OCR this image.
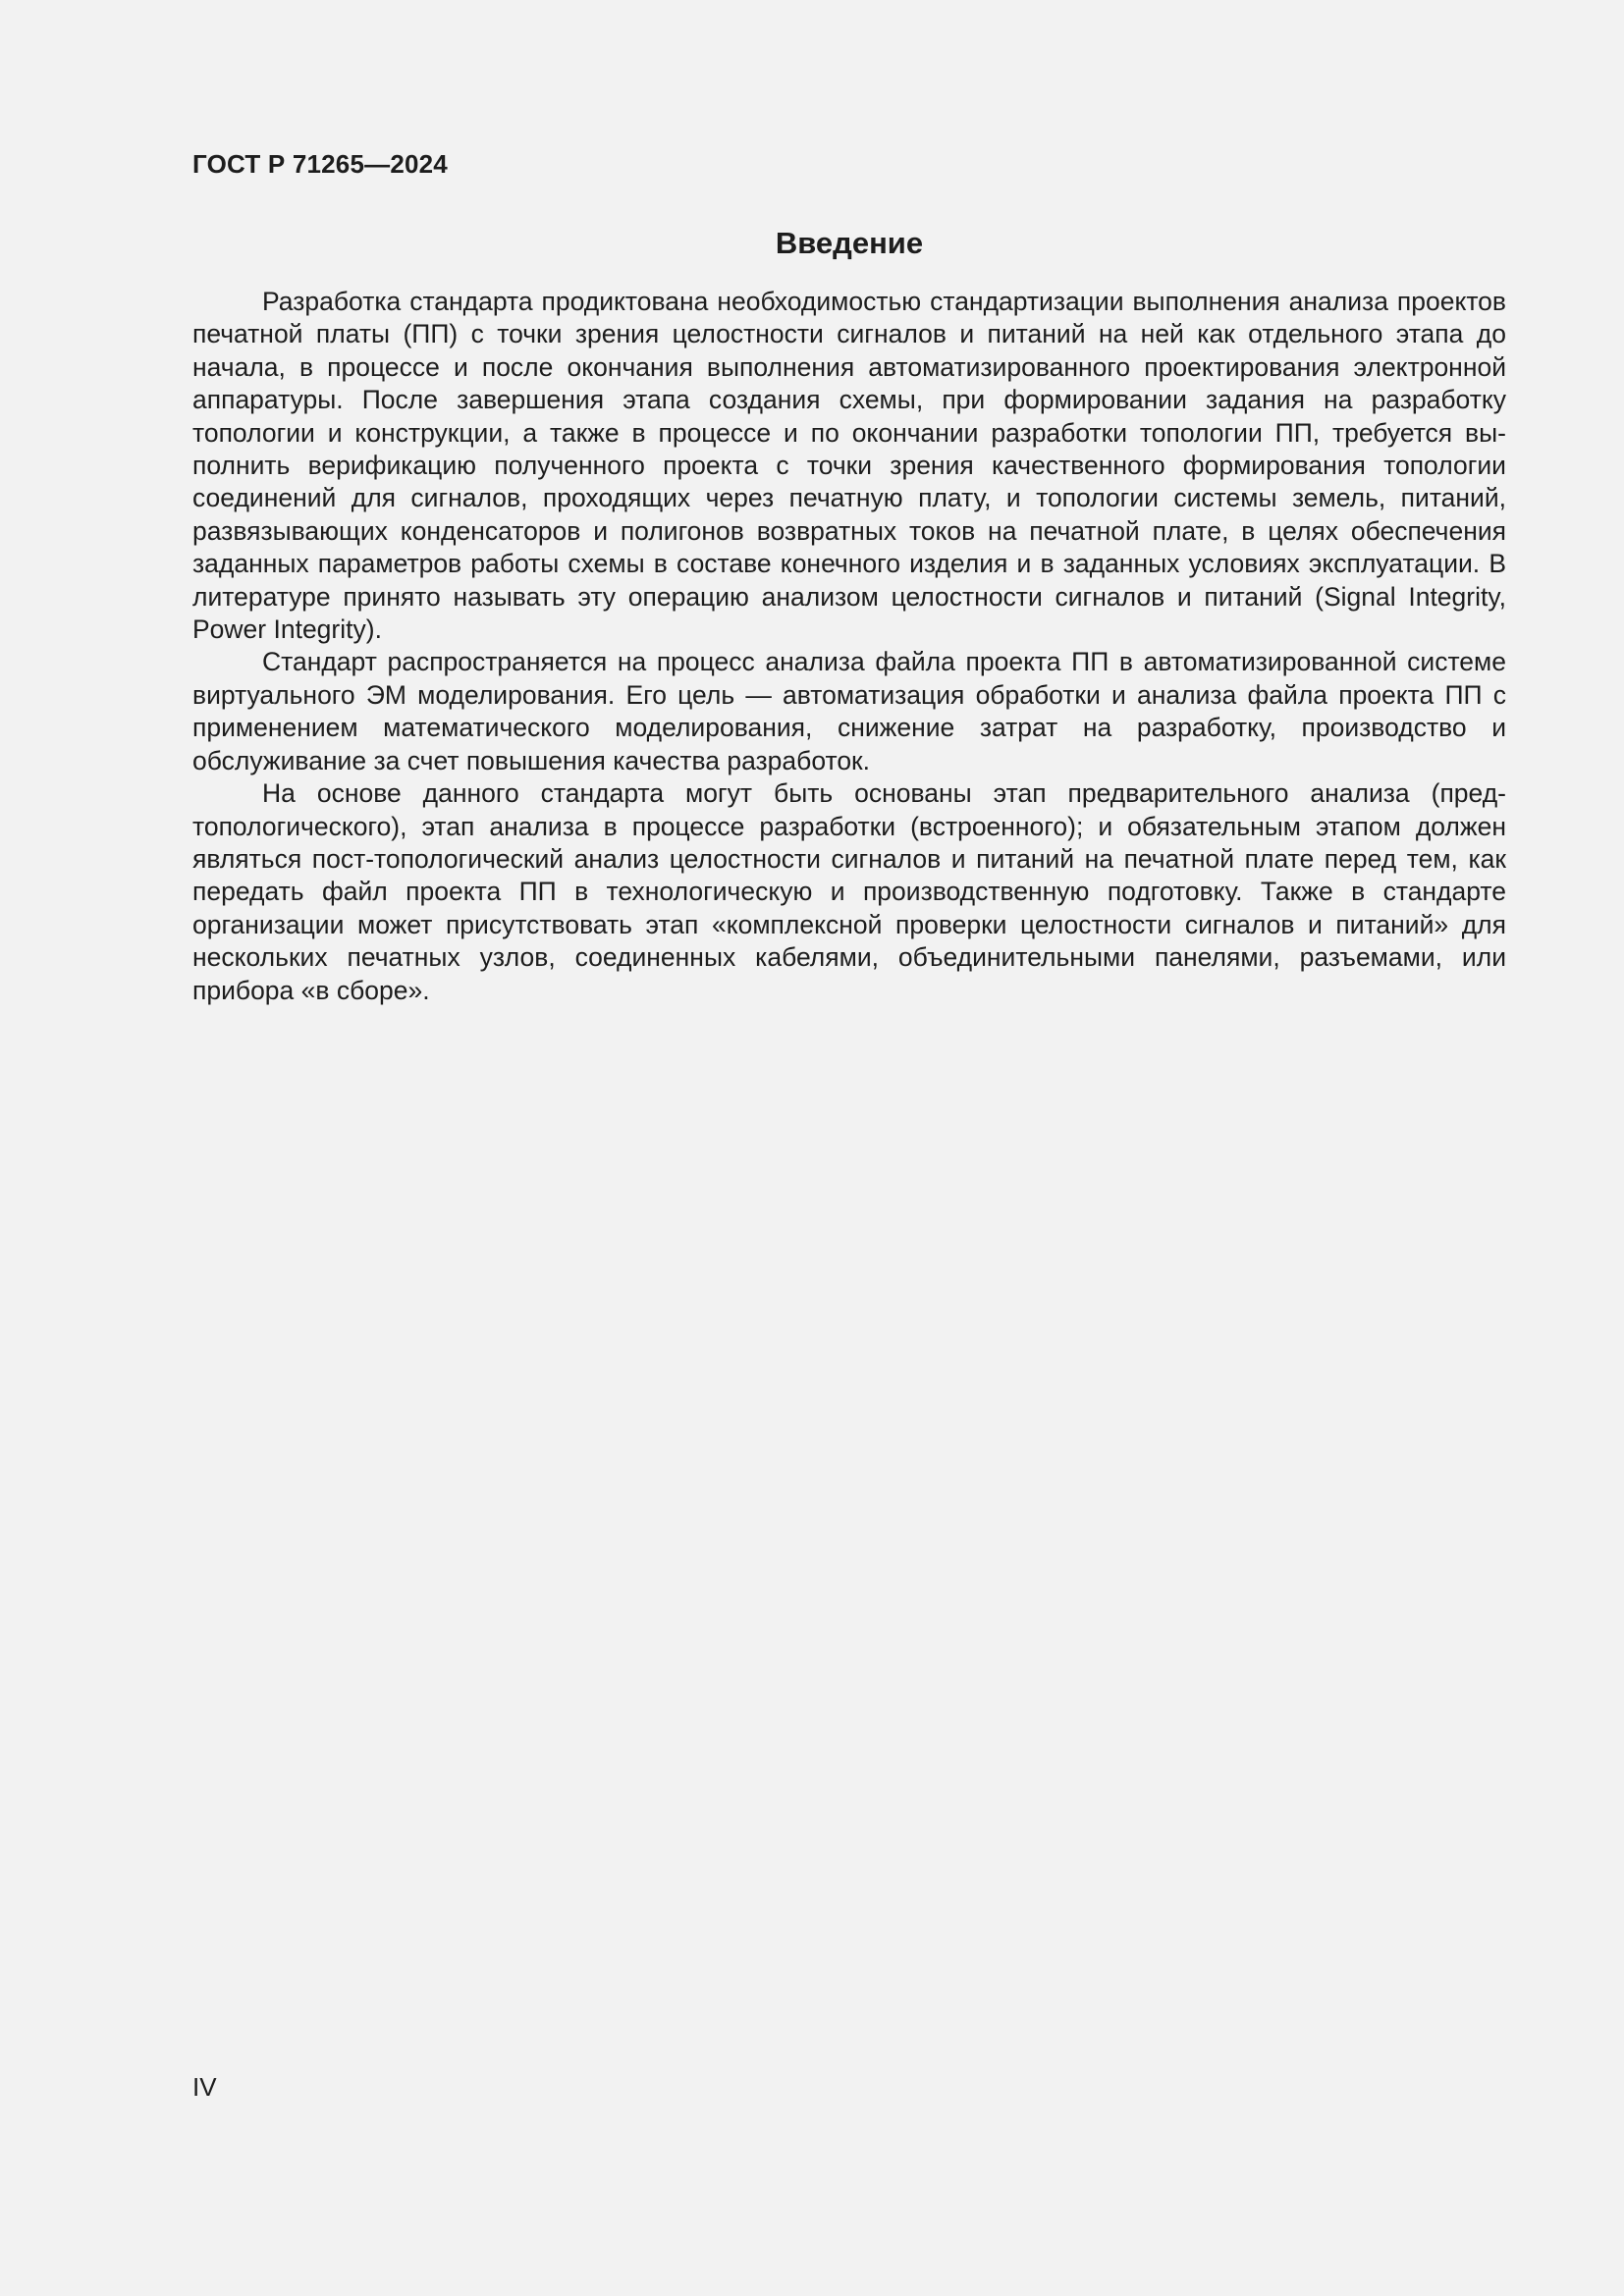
ГОСТ Р 71265—2024
Введение

Разработка стандарта продиктована необходимостью стандартизации выполнения анализа проектов печатной платы (ПП) с точки зрения целостности сигналов и питаний на ней как отдельного этапа до начала, в процессе и после окончания выполнения автоматизированного проектирования электронной аппаратуры. После завершения этапа создания схемы, при формировании задания на разработку топологии и конструкции, а также в процессе и по окончании разработки топологии ПП, требуется выполнить верификацию полученного проекта с точки зрения качественного формирования топологии соединений для сигналов, проходящих через печатную плату, и топологии системы земель, питаний, развязывающих конденсаторов и полигонов возвратных токов на печатной плате, в целях обеспечения заданных параметров работы схемы в составе конечного изделия и в заданных условиях эксплуатации. В литературе принято называть эту операцию анализом целостности сигналов и питаний (Signal Integrity, Power Integrity).

Стандарт распространяется на процесс анализа файла проекта ПП в автоматизированной системе виртуального ЭМ моделирования. Его цель — автоматизация обработки и анализа файла проекта ПП с применением математического моделирования, снижение затрат на разработку, производство и обслуживание за счет повышения качества разработок.

На основе данного стандарта могут быть основаны этап предварительного анализа (предтопологического), этап анализа в процессе разработки (встроенного); и обязательным этапом должен являться пост-топологический анализ целостности сигналов и питаний на печатной плате перед тем, как передать файл проекта ПП в технологическую и производственную подготовку. Также в стандарте организации может присутствовать этап «комплексной проверки целостности сигналов и питаний» для нескольких печатных узлов, соединенных кабелями, объединительными панелями, разъемами, или прибора «в сборе».

IV
